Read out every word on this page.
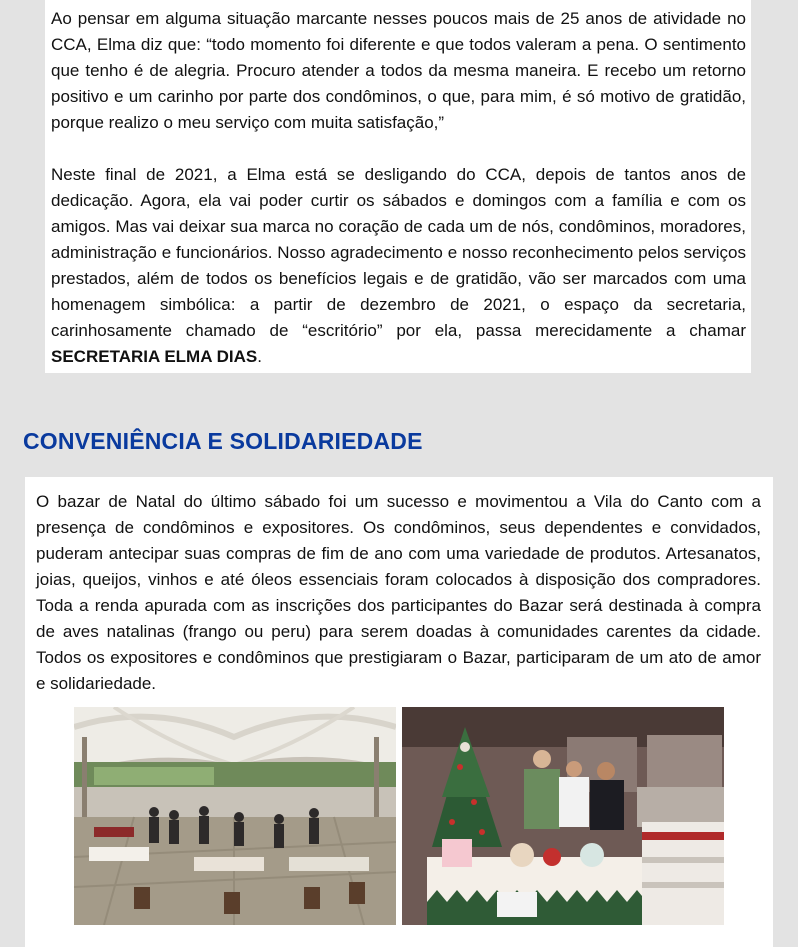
Ao pensar em alguma situação marcante nesses poucos mais de 25 anos de atividade no CCA, Elma diz que: “todo momento foi diferente e que todos valeram a pena. O sentimento que tenho é de alegria. Procuro atender a todos da mesma maneira. E recebo um retorno positivo e um carinho por parte dos condôminos, o que, para mim, é só motivo de gratidão, porque realizo o meu serviço com muita satisfação,”

Neste final de 2021, a Elma está se desligando do CCA, depois de tantos anos de dedicação. Agora, ela vai poder curtir os sábados e domingos com a família e com os amigos. Mas vai deixar sua marca no coração de cada um de nós, condôminos, moradores, administração e funcionários. Nosso agradecimento e nosso reconhecimento pelos serviços prestados, além de todos os benefícios legais e de gratidão, vão ser marcados com uma homenagem simbólica: a partir de dezembro de 2021, o espaço da secretaria, carinhosamente chamado de “escritório” por ela, passa merecidamente a chamar SECRETARIA ELMA DIAS.

CONVENIÊNCIA E SOLIDARIEDADE

O bazar de Natal do último sábado foi um sucesso e movimentou a Vila do Canto com a presença de condôminos e expositores. Os condôminos, seus dependentes e convidados, puderam antecipar suas compras de fim de ano com uma variedade de produtos. Artesanatos, joias, queijos, vinhos e até óleos essenciais foram colocados à disposição dos compradores. Toda a renda apurada com as inscrições dos participantes do Bazar será destinada à compra de aves natalinas (frango ou peru) para serem doadas à comunidades carentes da cidade. Todos os expositores e condôminos que prestigiaram o Bazar, participaram de um ato de amor e solidariedade.
